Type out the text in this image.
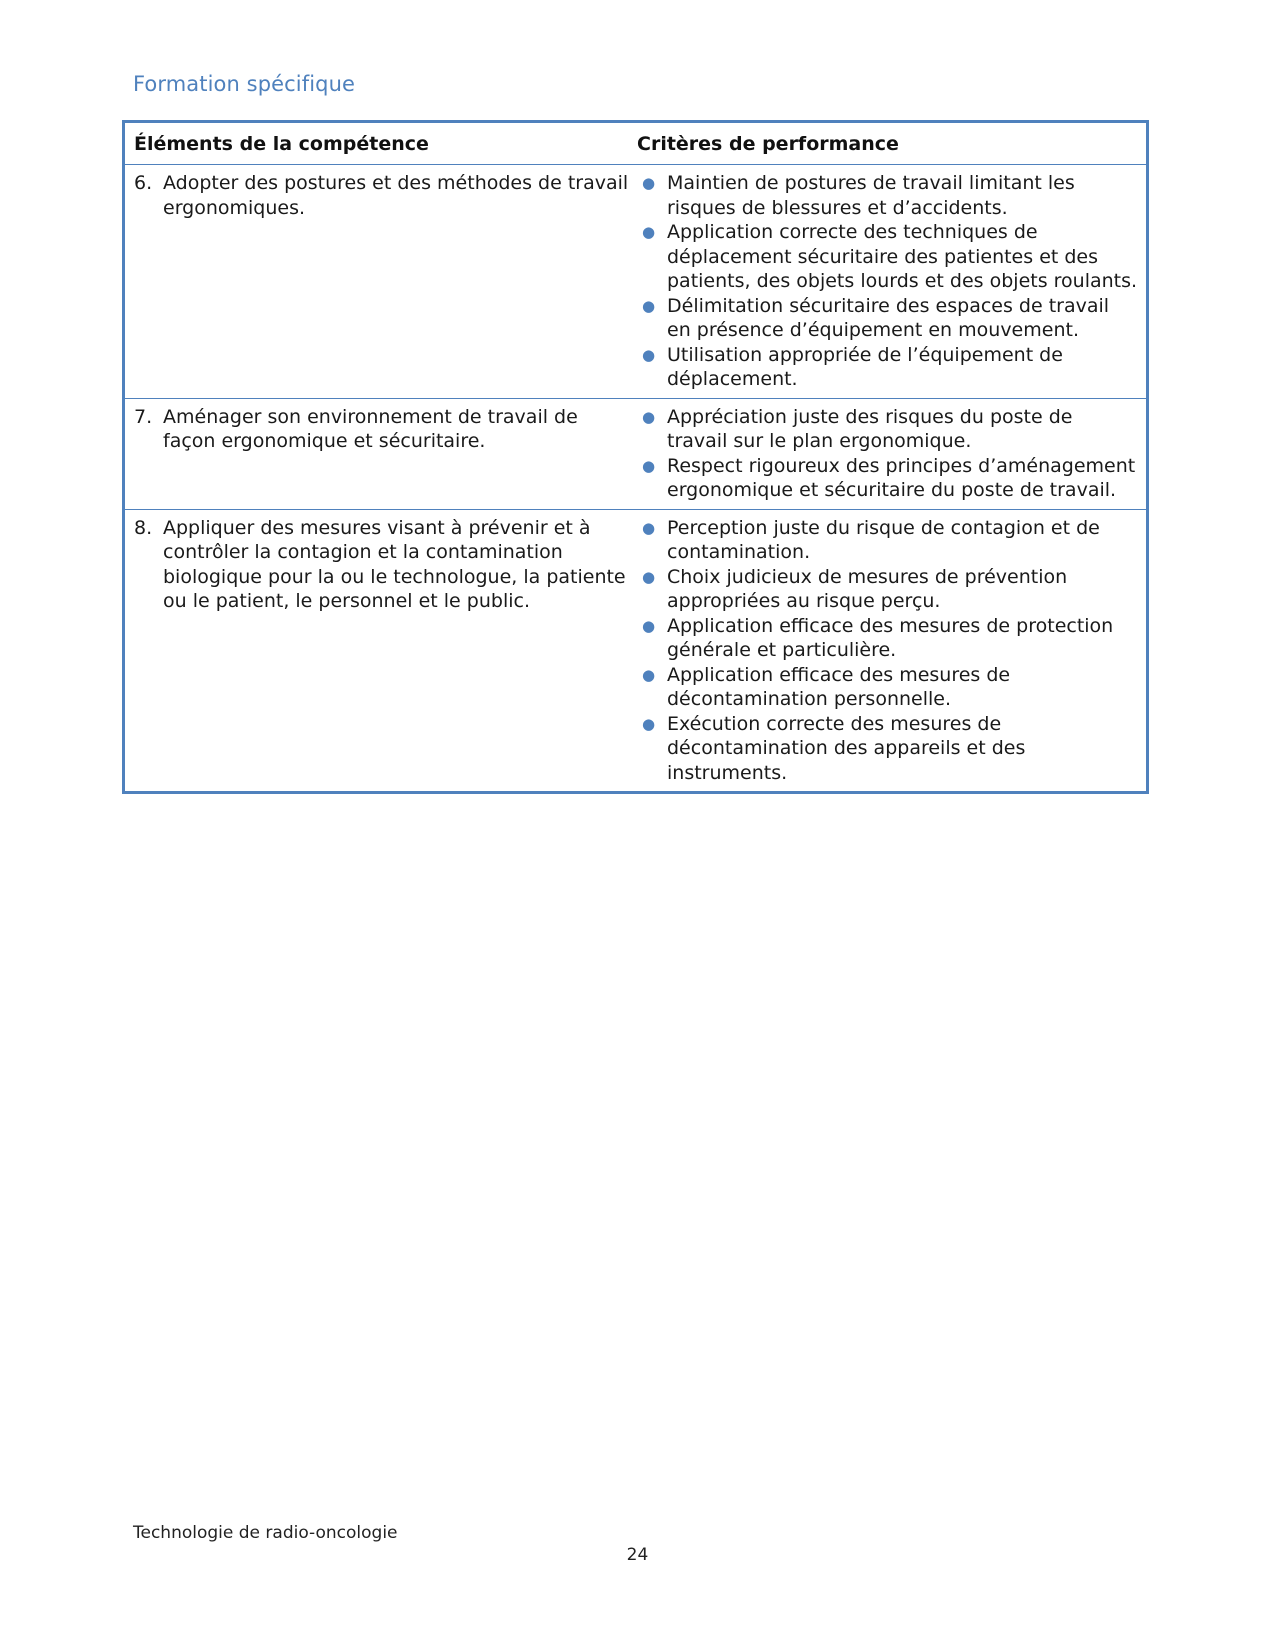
Formation spécifique
Éléments de la compétence	Critères de performance
6. Adopter des postures et des méthodes de travail ergonomiques.
● Maintien de postures de travail limitant les risques de blessures et d’accidents.
● Application correcte des techniques de déplacement sécuritaire des patientes et des patients, des objets lourds et des objets roulants.
● Délimitation sécuritaire des espaces de travail en présence d’équipement en mouvement.
● Utilisation appropriée de l’équipement de déplacement.
7. Aménager son environnement de travail de façon ergonomique et sécuritaire.
● Appréciation juste des risques du poste de travail sur le plan ergonomique.
● Respect rigoureux des principes d’aménagement ergonomique et sécuritaire du poste de travail.
8. Appliquer des mesures visant à prévenir et à contrôler la contagion et la contamination biologique pour la ou le technologue, la patiente ou le patient, le personnel et le public.
● Perception juste du risque de contagion et de contamination.
● Choix judicieux de mesures de prévention appropriées au risque perçu.
● Application efficace des mesures de protection générale et particulière.
● Application efficace des mesures de décontamination personnelle.
● Exécution correcte des mesures de décontamination des appareils et des instruments.
Technologie de radio-oncologie
24
